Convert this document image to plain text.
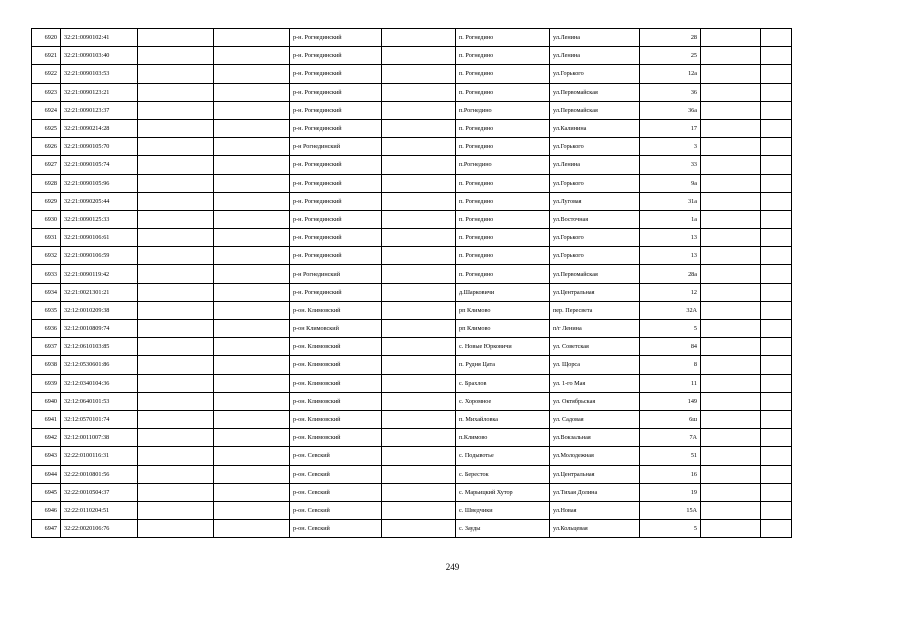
6920	32:21:0090102:41			р-н. Рогнединский		п. Рогнедино	ул.Ленина	28		
6921	32:21:0090103:40			р-н. Рогнединский		п. Рогнедино	ул.Ленина	25		
6922	32:21:0090103:53			р-н. Рогнединский		п. Рогнедино	ул.Горького	12а		
6923	32:21:0090123:21			р-н. Рогнединский		п. Рогнедино	ул.Первомайская	36		
6924	32:21:0090123:37			р-н. Рогнединский		п.Рогнедино	ул.Первомайская	36а		
6925	32:21:0090214:28			р-н. Рогнединский		п. Рогнедино	ул.Калинина	17		
6926	32:21:0090105:70			р-н Рогнединский		п. Рогнедино	ул.Горького	3		
6927	32:21:0090105:74			р-н. Рогнединский		п.Рогнедино	ул.Ленина	33		
6928	32:21:0090105:96			р-н. Рогнединский		п. Рогнедино	ул.Горького	9а		
6929	32:21:0090205:44			р-н. Рогнединский		п. Рогнедино	ул.Луговая	31а		
6930	32:21:0090125:33			р-н. Рогнединский		п. Рогнедино	ул.Восточная	1а		
6931	32:21:0090106:61			р-н. Рогнединский		п. Рогнедино	ул.Горького	13		
6932	32:21:0090106:59			р-н. Рогнединский		п. Рогнедино	ул.Горького	13		
6933	32:21:0090119:42			р-н Рогнединский		п. Рогнедино	ул.Первомайская	28а		
6934	32:21:0021301:21			р-н. Рогнединский		д.Шарковичи	ул.Центральная	12		
6935	32:12:0010209:38			р-он. Климовский		рп Климово	пер. Пересвета	32А		
6936	32:12:0010809:74			р-он Климовский		рп Климово	п/г Ленина	5		
6937	32:12:0610103:85			р-он. Климовский		с. Новые Юрковичи	ул. Советская	84		
6938	32:12:0530601:86			р-он. Климовский		п. Рудня Цата	ул. Щорса	8		
6939	32:12:0340104:36			р-он. Климовский		с. Брахлов	ул. 1-го Мая	11		
6940	32:12:0640101:53			р-он. Климовский		с. Хоромное	ул. Октябрьская	149		
6941	32:12:0570101:74			р-он. Климовский		п. Михайловка	ул. Садовая	6ш		
6942	32:12:0011007:38			р-он. Климовский		п.Климово	ул.Вокзальная	7А		
6943	32:22:0100116:31			р-он. Севский		с. Подывотье	ул.Молодежная	51		
6944	32:22:0010801:56			р-он. Севский		с. Бересток	ул.Центральная	16		
6945	32:22:0010504:37			р-он. Севский		с. Марьицкий Хутор	ул.Тихая Долина	19		
6946	32:22:0110204:51			р-он. Севский		с. Шведчики	ул.Новая	15А		
6947	32:22:0020106:76			р-он. Севский		с. Зауды	ул.Кольцевая	5		
249
